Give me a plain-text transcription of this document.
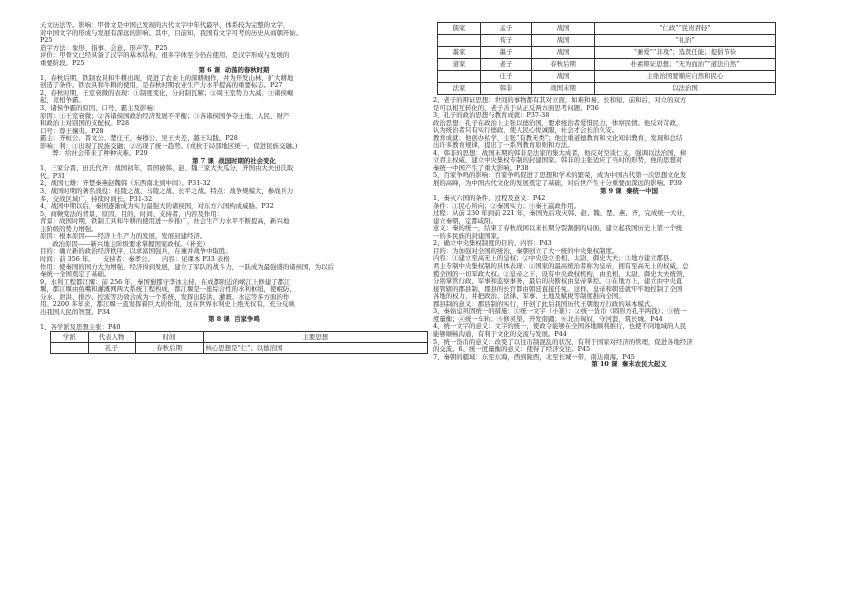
天文历法等。影响：甲骨文是中国已发现的古代文字中年代最早、体系较为完整的文字，

对中国文字的形成与发展有深远的影响。其中，目前知，我国有文字可考的历史从商朝开始。

P25

造字方法：象形、指事、会意、形声等。P25

评价：甲骨文已经具备了汉字的基本结构，很多字体至今仍在使用，是汉字形成与发展的

重要阶段。P25

第 6 课  动荡的春秋时期

1、春秋后期，铁制农具和牛耕出现，促进了农业上的深耕细作，并为开发山林、扩大耕地

创造了条件。铁农具和牛耕的使用，是春秋时期农业生产力水平提高的重要标志。P27

2、春秋时期，王室衰微的表现：①制度变化，分封制瓦解；②周王室势力大减；③诸侯崛

起，竞相争霸。

3、诸侯争霸的原因、口号、霸主及影响：

原因：①王室衰微；②各诸侯国政治经济发展不平衡；③各诸侯国争夺土地、人民、财产

和政治上对别国的支配权。P28

口号：尊王攘夷。P28

霸主：齐桓公、晋文公、楚庄王、秦穆公、吴王夫差、越王勾践。P28

影响：利：①出现了民族交融；②出现了统一趋势。(戎狄于局部地区统一，促进民族交融。)

弊：给社会带来了种种灾难。P29

第 7 课  战国时期的社会变化

1、三家分晋、田氏代齐：战国初年，晋国被韩、赵、魏三家大夫瓜分，齐国由大夫田氏取

代。P31

2、战国七雄：齐楚秦燕赵魏韩（东西南北到中间）。P31-32

3、战国时期的著名战役：桂陵之战、马陵之战、长平之战。特点：战争规模大，参战兵力

多，交战区域广，持续时间长。P31-32

4、战国中期以后，秦国逐渐成为实力最强大的诸侯国，对东方六国构成威胁。P32

5、商鞅变法的背景、原因、目的、时间、支持者、内容及作用：

背景：战国时期，铁制工具和牛耕的使用进一步推广，社会生产力水平不断提高，新兴地

主阶级的势力增强。

原因：根本原因——经济上生产力的发展，发展封建经济。

政治原因——新兴地主阶级要求掌握国家政权。（补充）

目的：确立新的政治经济秩序，以求富国强兵，在兼并战争中取胜。

时间：前 356 年。    支持者：秦孝公。    内容：见课本 P33 表格

作用：使秦国的国力大为增强，经济得到发展，建立了军队的战斗力，一跃成为最强盛的诸侯国，为以后

秦统一全国奠定了基础。

9、水利工程都江堰：前 256 年，秦国蜀郡守李冰主持，在成都附近的岷江上修建了都江

堰，都江堰由鱼嘴和灌溉网两大系统工程构成，都江堰是一座综合性的水利枢纽，使岷防、

分水、泄洪、排沙、控流等功效合成为一个系统，发挥出防洪、灌溉、水运等多方面的作

用。2200 多年来，都江堰一直发挥着巨大的作用，这在世界水利史上绝无仅有，充分反映

出我国人民的智慧。P34

第 8 课  百家争鸣

1、各学派及思想主张：P40

学派	代表人物	时间	主要思想
	孔子	春秋后期	核心思想是“仁”；以德治国
儒家	孟子	战国	“仁政”“民贵君轻”
	荀子	战国	“礼治”
墨家	墨子	战国	“兼爱”“非攻”；选贤任能；提倡节俭
道家	老子	春秋后期	朴素辩证思想；“无为而治”“道法自然”
	庄子	战国	主张治国要顺应自然和民心
法家	韩非	战国末期	以法治国

2、老子的辩证思想：世间的事物都有其对立面，如难和易、长和短、前和后，对立的双方

是可以相互转化的，老子善于从正反两方面思考问题。P36

3、孔子的政治思想与教育成就：P37-38

政治思想：孔子在政治上主张以德治国，要求统治者爱惜民力，体察民情。他反对苛政，

认为统治者只有实行德政，使人民心悦诚服，社会才会长治久安。

教育成就：他创办私学，主张“有教无类”；他注重道德教育和文化知识教育，发现和总结

出许多教育规律，提出了一系列教育原则和方法。

4、韩非的思想：战国末期的韩非是法家的集大成者，他反对空谈仁义，强调以法治国，树

立君主权威，建立中央集权专制的封建国家。韩非的主张适应了当时的形势，他的思想对

秦统一中国产生了重大影响。P38

5、百家争鸣的影响：百家争鸣促进了思想和学术的繁荣，成为中国古代第一次思想文化发

展的高峰，为中国古代文化的发展奠定了基础，对后世产生十分重要而深远的影响。P39

第 9 课  秦统一中国

1、秦灭六国的条件、过程及意义：P42

条件：①民心所向；②秦国实力；③秦王嬴政作用。

过程：从前 230 年到前 221 年，秦国先后攻灭韩、赵、魏、楚、燕、齐，完成统一大业，

建立秦朝，定都咸阳。

意义：秦的统一，结束了春秋战国以来长期分裂割据的局面，建立起我国历史上第一个统

一的多民族的封建国家。

2、确立中央集权制度的目的、内容：P43

目的：为加强对全国的统治，秦朝创立了大一统的中央集权制度。

内容：①建立至高无上的皇权；②中央设立丞相、太尉、御史大夫；③地方建立郡县。

君主专制中央集权制的具体表现：①国家的最高统治者称为皇帝，拥有至高无上的权威，总

揽全国的一切军政大权。②皇帝之下，设有中央政权机构，由丞相、太尉、御史大夫统领，

分别掌管行政、军事和监察事务，最后的决断权由皇帝掌控。③在地方上，建立由中央直

接管辖的郡县制，郡县的长官都由朝廷直接任免。这样，皇帝和朝廷就牢牢地控制了全国

各地的权力，并把政治、法律、军事、土地及赋税等制度推向全国。

郡县制的意义：郡县制的实行，开创了此后我国历代王朝地方行政的基本模式。

3、秦始皇巩固统一的措施：①统一文字（小篆）；②统一货币（圆形方孔半两钱）；③统一

度量衡；④统一车轨；⑤修灵渠，开发南疆；⑥北击匈奴，守河套，筑长城。P44

4、统一文字的意义：文字的统一，使政令能够在全国各地顺利推行，也使不同地域的人民

能够顺畅沟通，有利于文化的交流与发展。P44

5、统一货币的意义：改变了以往币制混乱的状况，有利于国家对经济的管理，促进各地经济

的交流。6、统一度量衡的意义：使得了经济交往。P45

7、秦朝的疆域：东至东海，西到陇西，北至长城一带，南达南海。P45

第 10 课  秦末农民大起义
